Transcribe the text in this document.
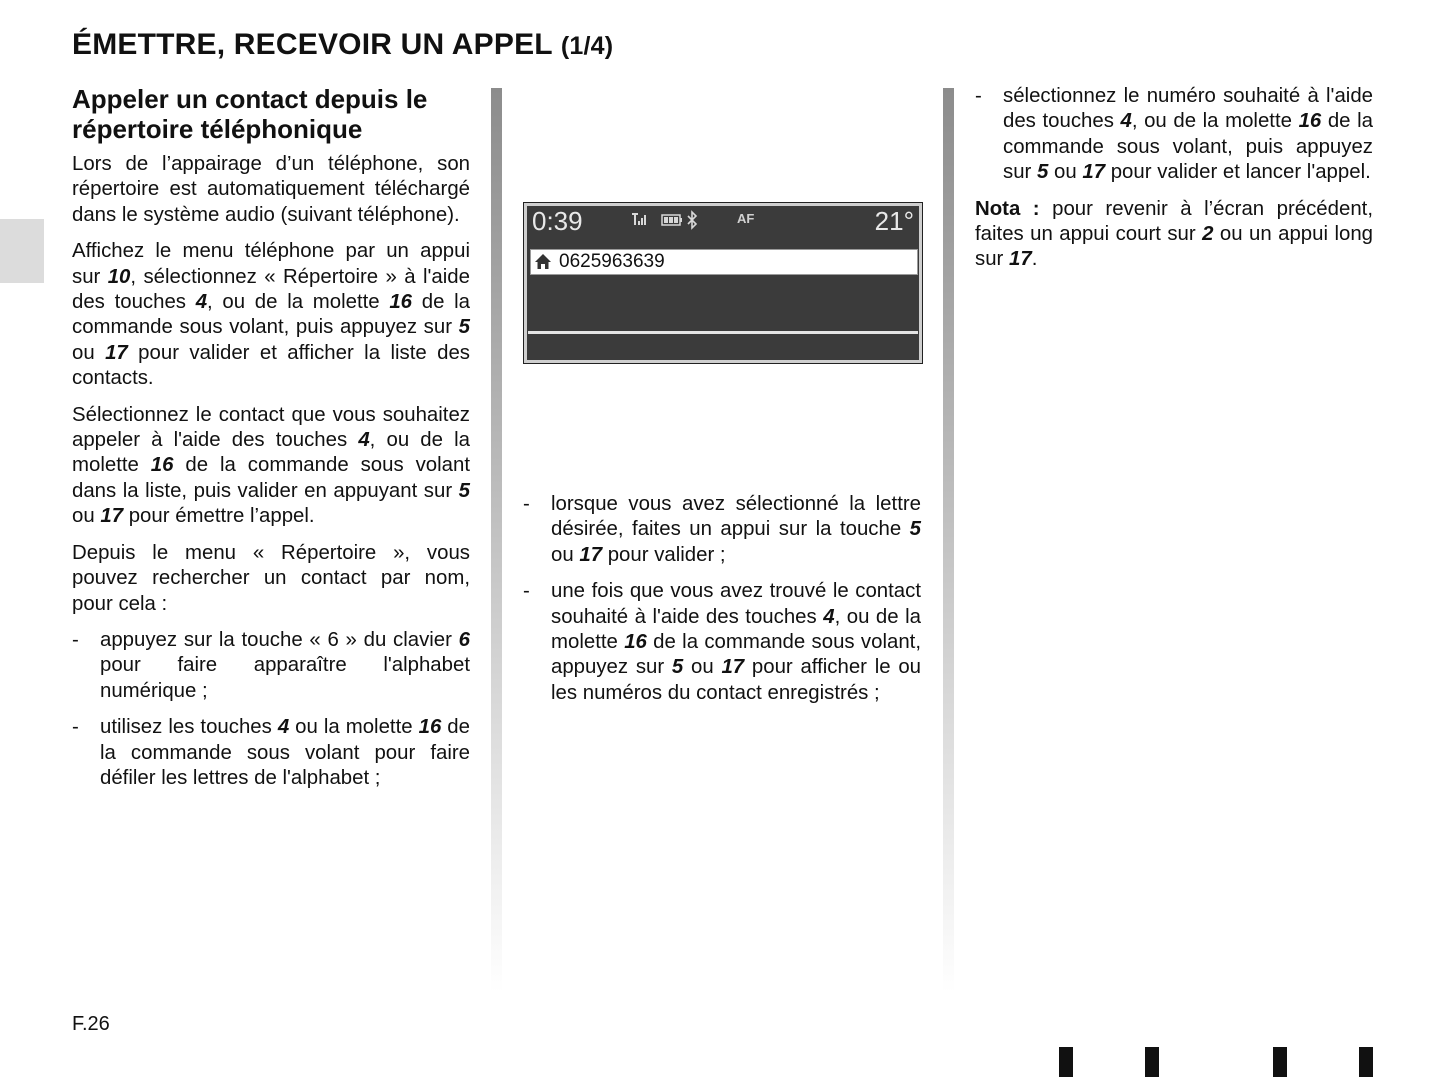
ÉMETTRE, RECEVOIR UN APPEL (1/4)
Appeler un contact depuis le répertoire téléphonique

Lors de l’appairage d’un téléphone, son répertoire est automatiquement téléchargé dans le système audio (suivant téléphone).

Affichez le menu téléphone par un appui sur 10, sélectionnez « Répertoire » à l'aide des touches 4, ou de la molette 16 de la commande sous volant, puis appuyez sur 5 ou 17 pour valider et afficher la liste des contacts.

Sélectionnez le contact que vous souhaitez appeler à l'aide des touches 4, ou de la molette 16 de la commande sous volant dans la liste, puis valider en appuyant sur 5 ou 17 pour émettre l’appel.

Depuis le menu « Répertoire », vous pouvez rechercher un contact par nom, pour cela :

- appuyez sur la touche « 6 » du clavier 6 pour faire apparaître l'alphabet numérique ;
- utilisez les touches 4 ou la molette 16 de la commande sous volant pour faire défiler les lettres de l'alphabet ;
0:39	AF	21°
0625963639
- lorsque vous avez sélectionné la lettre désirée, faites un appui sur la touche 5 ou 17 pour valider ;
- une fois que vous avez trouvé le contact souhaité à l'aide des touches 4, ou de la molette 16 de la commande sous volant, appuyez sur 5 ou 17 pour afficher le ou les numéros du contact enregistrés ;
- sélectionnez le numéro souhaité à l'aide des touches 4, ou de la molette 16 de la commande sous volant, puis appuyez sur 5 ou 17 pour valider et lancer l'appel.

Nota : pour revenir à l’écran précédent, faites un appui court sur 2 ou un appui long sur 17.

F.26
